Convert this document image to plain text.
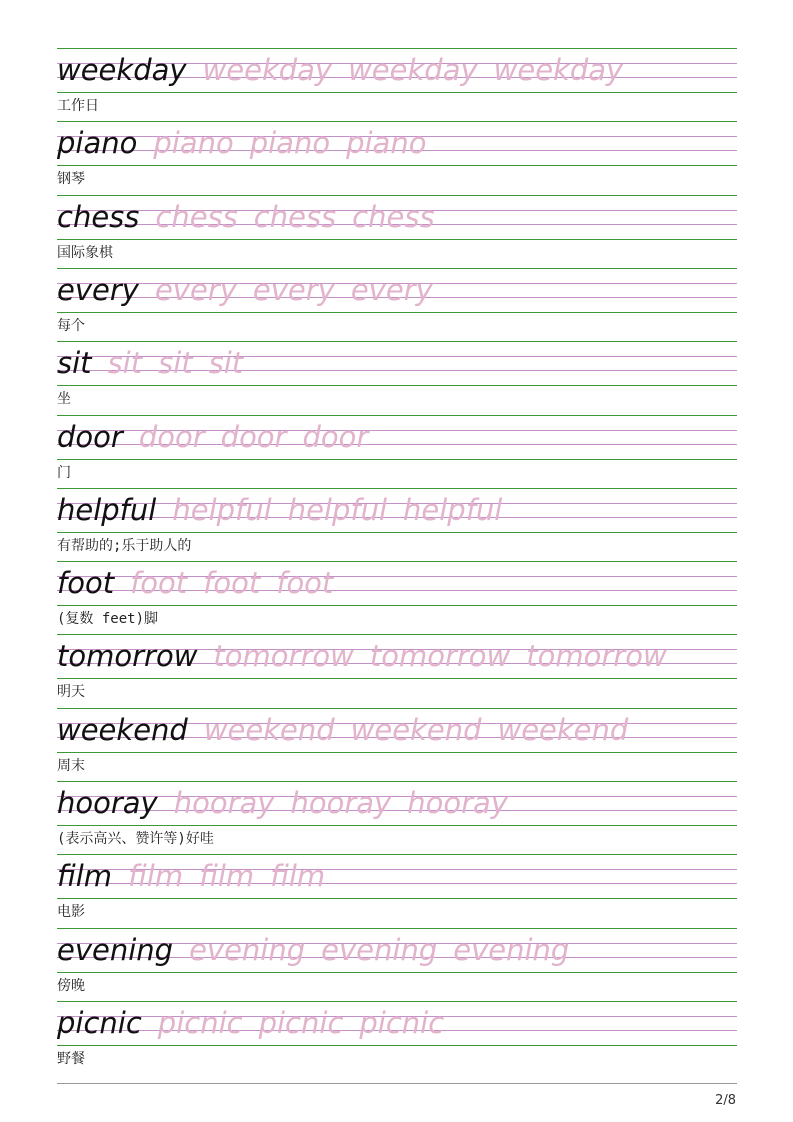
weekday weekday weekday weekday
工作日
piano piano piano piano
钢琴
chess chess chess chess
国际象棋
every every every every
每个
sit sit sit sit
坐
door door door door
门
helpful helpful helpful helpful
有帮助的;乐于助人的
foot foot foot foot
(复数 feet)脚
tomorrow tomorrow tomorrow tomorrow
明天
weekend weekend weekend weekend
周末
hooray hooray hooray hooray
(表示高兴、赞许等)好哇
film film film film
电影
evening evening evening evening
傍晚
picnic picnic picnic picnic
野餐
2/8
